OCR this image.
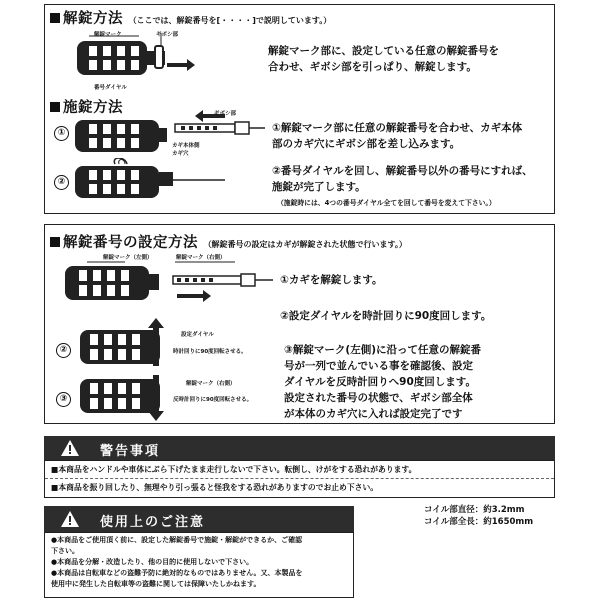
解錠方法 （ここでは、解錠番号を[・・・・]で説明しています。）
解錠マーク	ギボシ部
番号ダイヤル
解錠マーク部に、設定している任意の解錠番号を
合わせ、ギボシ部を引っぱり、解錠します。
施錠方法
①
ギボシ部
カギ本体側
カギ穴
①解錠マーク部に任意の解錠番号を合わせ、カギ本体
部のカギ穴にギボシ部を差し込みます。
②
②番号ダイヤルを回し、解錠番号以外の番号にすれば、
施錠が完了します。
（施錠時には、4つの番号ダイヤル全てを回して番号を変えて下さい。）
解錠番号の設定方法 （解錠番号の設定はカギが解錠された状態で行います。）
解錠マーク（左側）	解錠マーク（右側）
①カギを解錠します。
②
設定ダイヤル
時計回りに90度回転させる。
②設定ダイヤルを時計回りに90度回します。
③
解錠マーク（右側）
反時計回りに90度回転させる。
③解錠マーク(左側)に沿って任意の解錠番
号が一列で並んでいる事を確認後、設定
ダイヤルを反時計回りへ90度回します。
設定された番号の状態で、ギボシ部全体
が本体のカギ穴に入れば設定完了です
警告事項
■本商品をハンドルや車体にぶら下げたまま走行しないで下さい。転倒し、けがをする恐れがあります。
■本商品を振り回したり、無理やり引っ張ると怪我をする恐れがありますのでお止め下さい。
使用上のご注意
●本商品をご使用頂く前に、設定した解錠番号で施錠・解錠ができるか、ご確認
下さい。
●本商品を分解・改造したり、他の目的に使用しないで下さい。
●本商品は自転車などの盗難予防に絶対的なものではありません。又、本製品を
使用中に発生した自転車等の盗難に関しては保障いたしかねます。
コイル部直径：約3.2mm
コイル部全長：約1650mm
